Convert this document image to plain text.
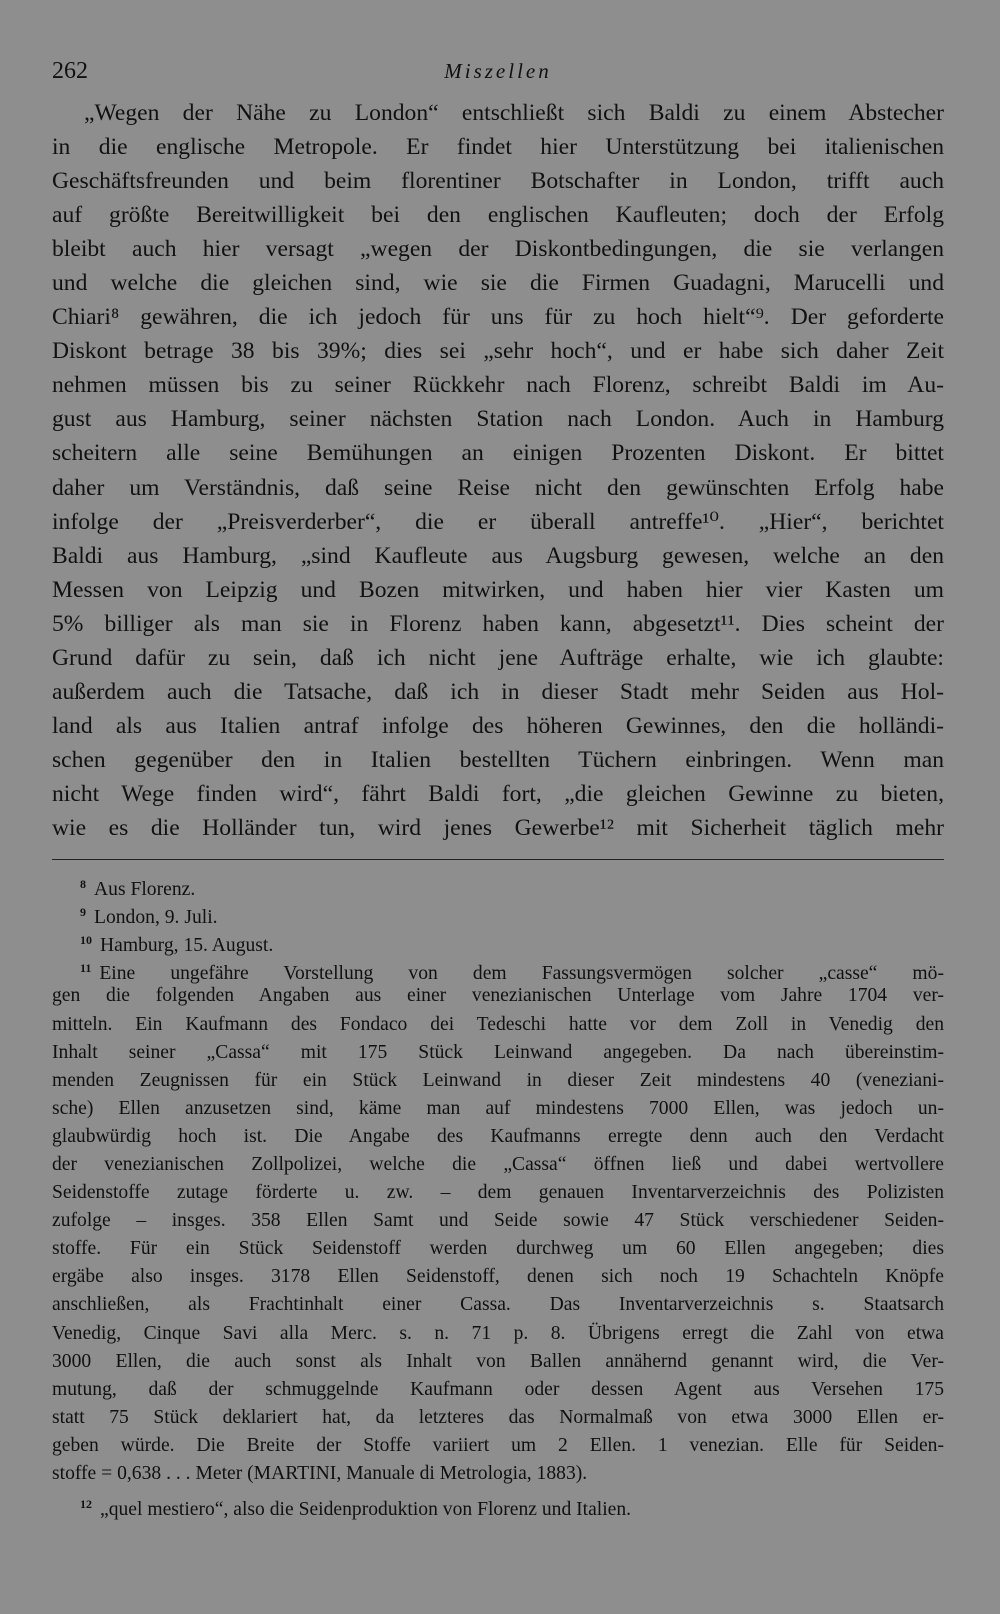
262	Miszellen
„Wegen der Nähe zu London“ entschließt sich Baldi zu einem Abstecher
in die englische Metropole. Er findet hier Unterstützung bei italienischen
Geschäftsfreunden und beim florentiner Botschafter in London, trifft auch
auf größte Bereitwilligkeit bei den englischen Kaufleuten; doch der Erfolg
bleibt auch hier versagt „wegen der Diskontbedingungen, die sie verlangen
und welche die gleichen sind, wie sie die Firmen Guadagni, Marucelli und
Chiari⁸ gewähren, die ich jedoch für uns für zu hoch hielt“⁹. Der geforderte
Diskont betrage 38 bis 39%; dies sei „sehr hoch“, und er habe sich daher Zeit
nehmen müssen bis zu seiner Rückkehr nach Florenz, schreibt Baldi im Au-
gust aus Hamburg, seiner nächsten Station nach London. Auch in Hamburg
scheitern alle seine Bemühungen an einigen Prozenten Diskont. Er bittet
daher um Verständnis, daß seine Reise nicht den gewünschten Erfolg habe
infolge der „Preisverderber“, die er überall antreffe¹⁰. „Hier“, berichtet
Baldi aus Hamburg, „sind Kaufleute aus Augsburg gewesen, welche an den
Messen von Leipzig und Bozen mitwirken, und haben hier vier Kasten um
5% billiger als man sie in Florenz haben kann, abgesetzt¹¹. Dies scheint der
Grund dafür zu sein, daß ich nicht jene Aufträge erhalte, wie ich glaubte:
außerdem auch die Tatsache, daß ich in dieser Stadt mehr Seiden aus Hol-
land als aus Italien antraf infolge des höheren Gewinnes, den die holländi-
schen gegenüber den in Italien bestellten Tüchern einbringen. Wenn man
nicht Wege finden wird“, fährt Baldi fort, „die gleichen Gewinne zu bieten,
wie es die Holländer tun, wird jenes Gewerbe¹² mit Sicherheit täglich mehr
$^8$ Aus Florenz.
$^9$ London, 9. Juli.
$^{10}$ Hamburg, 15. August.
$^{11}$ Eine ungefähre Vorstellung von dem Fassungsvermögen solcher „casse“ mö-
gen die folgenden Angaben aus einer venezianischen Unterlage vom Jahre 1704 ver-
mitteln. Ein Kaufmann des Fondaco dei Tedeschi hatte vor dem Zoll in Venedig den
Inhalt seiner „Cassa“ mit 175 Stück Leinwand angegeben. Da nach übereinstim-
menden Zeugnissen für ein Stück Leinwand in dieser Zeit mindestens 40 (veneziani-
sche) Ellen anzusetzen sind, käme man auf mindestens 7000 Ellen, was jedoch un-
glaubwürdig hoch ist. Die Angabe des Kaufmanns erregte denn auch den Verdacht
der venezianischen Zollpolizei, welche die „Cassa“ öffnen ließ und dabei wertvollere
Seidenstoffe zutage förderte u. zw. – dem genauen Inventarverzeichnis des Polizisten
zufolge – insges. 358 Ellen Samt und Seide sowie 47 Stück verschiedener Seiden-
stoffe. Für ein Stück Seidenstoff werden durchweg um 60 Ellen angegeben; dies
ergäbe also insges. 3178 Ellen Seidenstoff, denen sich noch 19 Schachteln Knöpfe
anschließen, als Frachtinhalt einer Cassa. Das Inventarverzeichnis s. Staatsarch
Venedig, Cinque Savi alla Merc. s. n. 71 p. 8. Übrigens erregt die Zahl von etwa
3000 Ellen, die auch sonst als Inhalt von Ballen annähernd genannt wird, die Ver-
mutung, daß der schmuggelnde Kaufmann oder dessen Agent aus Versehen 175
statt 75 Stück deklariert hat, da letzteres das Normalmaß von etwa 3000 Ellen er-
geben würde. Die Breite der Stoffe variiert um 2 Ellen. 1 venezian. Elle für Seiden-
stoffe = 0,638 . . . Meter (MARTINI, Manuale di Metrologia, 1883).
$^{12}$ „quel mestiero“, also die Seidenproduktion von Florenz und Italien.
